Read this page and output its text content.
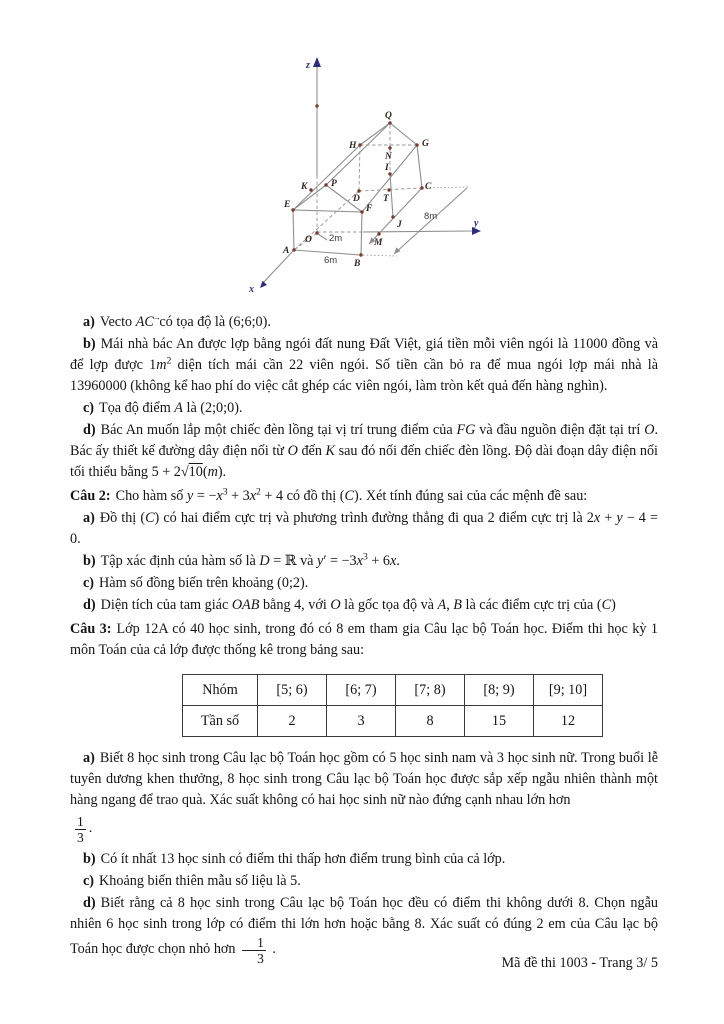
Q
H	G
N
I
K P
D T
C
E	F
J
M
O
A
B
z
y
x
8m
2m
6m

a) Vecto AC → có tọa độ là (6;6;0).

b) Mái nhà bác An được lợp bằng ngói đất nung Đất Việt, giá tiền mỗi viên ngói là 11000 đồng và để lợp được $1m^2$ diện tích mái cần 22 viên ngói. Số tiền cần bỏ ra để mua ngói lợp mái nhà là 13960000 (không kể hao phí do việc cắt ghép các viên ngói, làm tròn kết quả đến hàng nghìn).

c) Tọa độ điểm A là (2;0;0).

d) Bác An muốn lắp một chiếc đèn lồng tại vị trí trung điểm của FG và đầu nguồn điện đặt tại trí O. Bác ấy thiết kế đường dây điện nối từ O đến K sau đó nối đến chiếc đèn lồng. Độ dài đoạn dây điện nối tối thiểu bằng 5 + 2√10(m).

Câu 2: Cho hàm số $y = -x^3 + 3x^2 + 4$ có đồ thị (C). Xét tính đúng sai của các mệnh đề sau:

a) Đồ thị (C) có hai điểm cực trị và phương trình đường thẳng đi qua 2 điểm cực trị là 2x + y − 4 = 0.

b) Tập xác định của hàm số là D = ℝ và $y' = -3x^3 + 6x$.

c) Hàm số đồng biến trên khoảng (0;2).

d) Diện tích của tam giác OAB bằng 4, với O là gốc tọa độ và A, B là các điểm cực trị của (C)

Câu 3: Lớp 12A có 40 học sinh, trong đó có 8 em tham gia Câu lạc bộ Toán học. Điểm thi học kỳ 1 môn Toán của cả lớp được thống kê trong bảng sau:

Nhóm	[5; 6)	[6; 7)	[7; 8)	[8; 9)	[9; 10]
Tần số	2	3	8	15	12

a) Biết 8 học sinh trong Câu lạc bộ Toán học gồm có 5 học sinh nam và 3 học sinh nữ. Trong buổi lễ tuyên dương khen thưởng, 8 học sinh trong Câu lạc bộ Toán học được sắp xếp ngẫu nhiên thành một hàng ngang để trao quà. Xác suất không có hai học sinh nữ nào đứng cạnh nhau lớn hơn

$\frac{1}{3}$ .

b) Có ít nhất 13 học sinh có điểm thi thấp hơn điểm trung bình của cả lớp.

c) Khoảng biến thiên mẫu số liệu là 5.

d) Biết rằng cả 8 học sinh trong Câu lạc bộ Toán học đều có điểm thi không dưới 8. Chọn ngẫu nhiên 6 học sinh trong lớp có điểm thi lớn hơn hoặc bằng 8. Xác suất có đúng 2 em của Câu lạc bộ Toán học được chọn nhỏ hơn $\frac{1}{3}$ .

Mã đề thi 1003 - Trang 3/ 5
